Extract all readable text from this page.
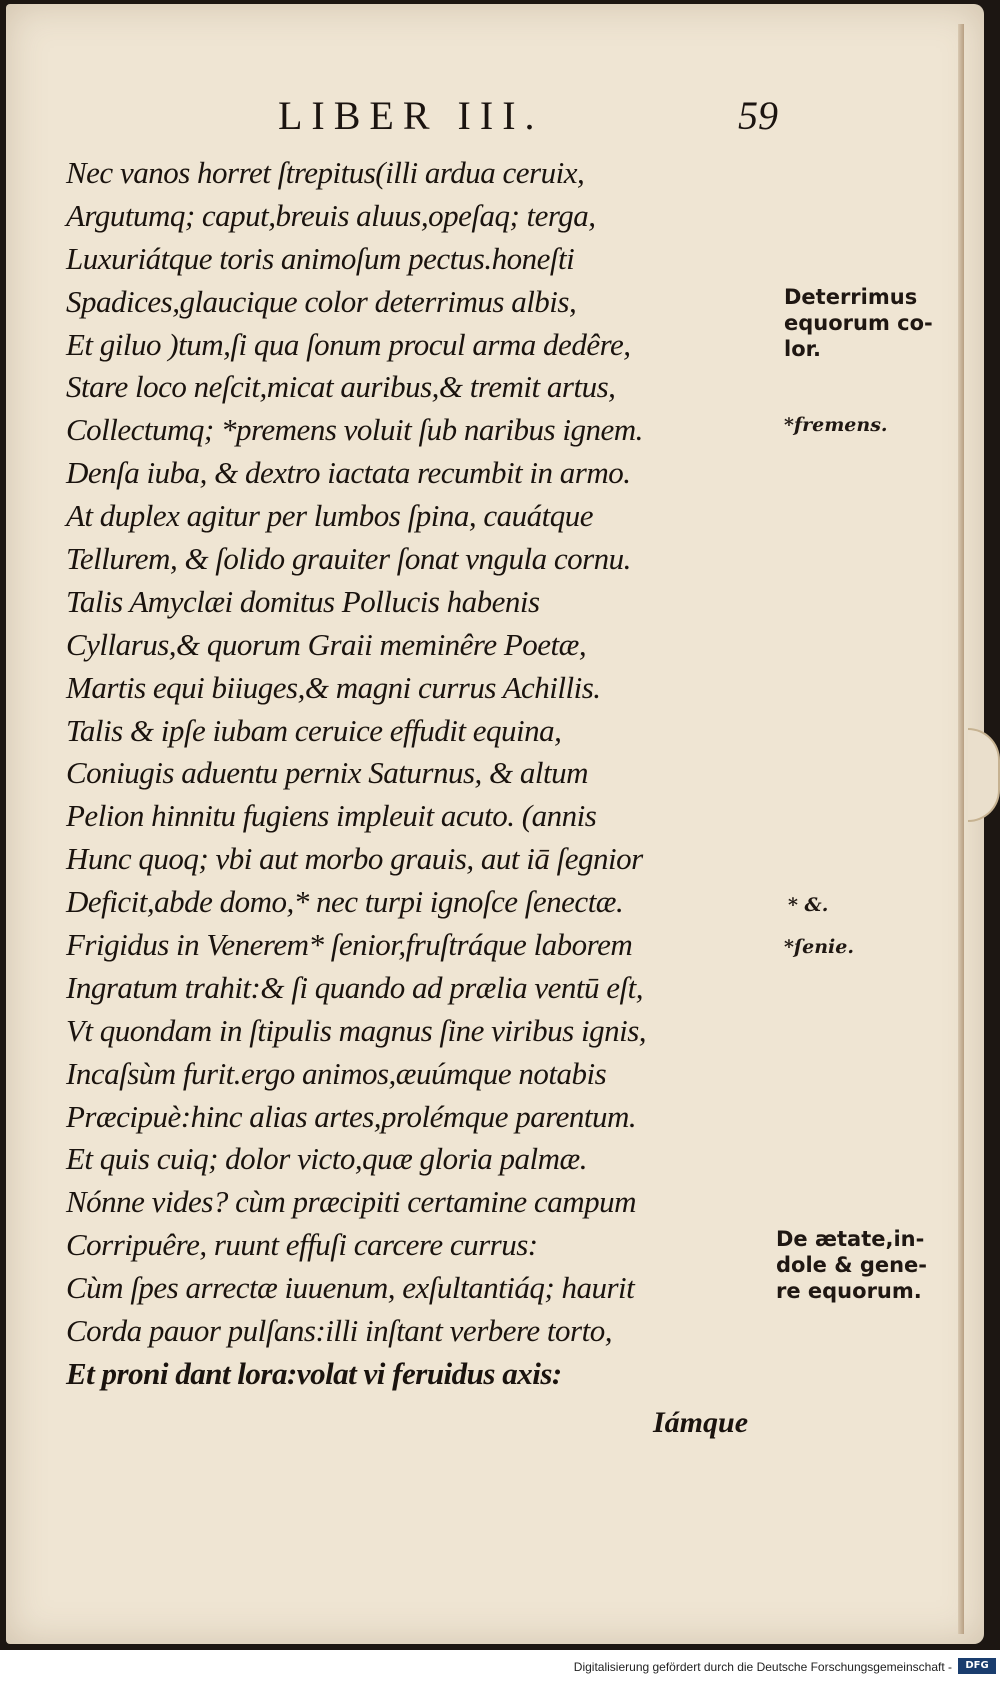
LIBER III.	59
Nec vanos horret ſtrepitus(illi ardua ceruix,
Argutumq; caput,breuis aluus,opeſaq; terga,
Luxuriátque toris animoſum pectus.honeſti
Spadices,glaucique color deterrimus albis,
Et giluo )tum,ſi qua ſonum procul arma dedêre,
Stare loco neſcit,micat auribus,& tremit artus,
Collectumq; *premens voluit ſub naribus ignem.
Denſa iuba, & dextro iactata recumbit in armo.
At duplex agitur per lumbos ſpina, cauátque
Tellurem, & ſolido grauiter ſonat vngula cornu.
Talis Amyclæi domitus Pollucis habenis
Cyllarus,& quorum Graii meminêre Poetæ,
Martis equi biiuges,& magni currus Achillis.
Talis & ipſe iubam ceruice effudit equina,
Coniugis aduentu pernix Saturnus, & altum
Pelion hinnitu fugiens impleuit acuto. (annis
Hunc quoq; vbi aut morbo grauis, aut iā ſegnior
Deficit,abde domo,* nec turpi ignoſce ſenectæ.
Frigidus in Venerem* ſenior,fruſtráque laborem
Ingratum trahit:& ſi quando ad prælia ventū eſt,
Vt quondam in ſtipulis magnus ſine viribus ignis,
Incaſsùm furit.ergo animos,æuúmque notabis
Præcipuè:hinc alias artes,prolémque parentum.
Et quis cuiq; dolor victo,quæ gloria palmæ.
Nónne vides? cùm præcipiti certamine campum
Corripuêre, ruunt effuſi carcere currus:
Cùm ſpes arrectæ iuuenum, exſultantiáq; haurit
Corda pauor pulſans:illi inſtant verbere torto,
Et proni dant lora:volat vi feruidus axis:
Iámque
Deterrimus
equorum co-
lor.
*fremens.
* &.
*ſenie.
De ætate,in-
dole & gene-
re equorum.
Digitalisierung gefördert durch die Deutsche Forschungsgemeinschaft -	DFG
